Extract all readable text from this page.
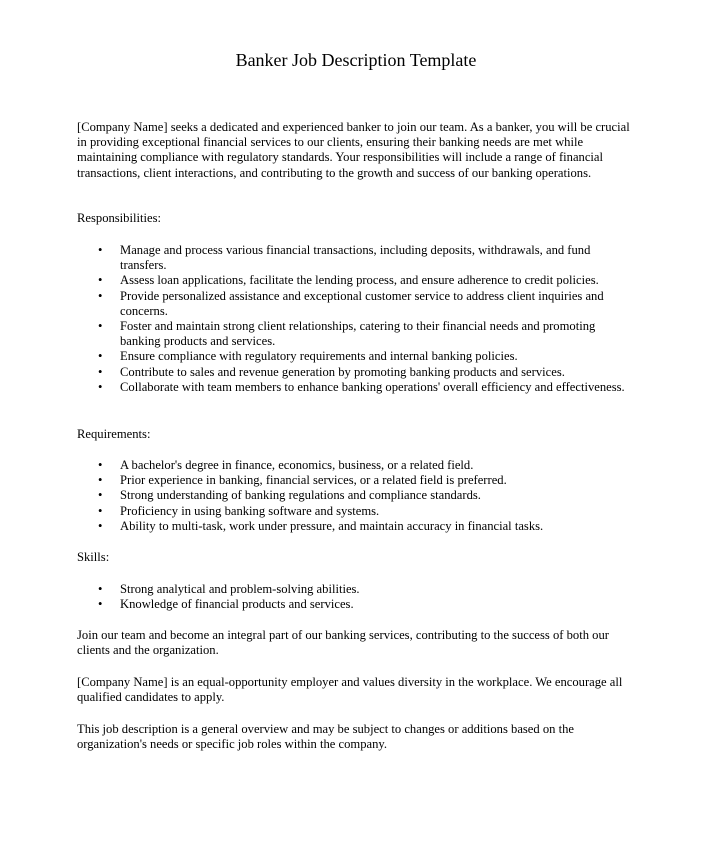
Banker Job Description Template

[Company Name] seeks a dedicated and experienced banker to join our team. As a banker, you will be crucial in providing exceptional financial services to our clients, ensuring their banking needs are met while maintaining compliance with regulatory standards. Your responsibilities will include a range of financial transactions, client interactions, and contributing to the growth and success of our banking operations.

Responsibilities:

•	Manage and process various financial transactions, including deposits, withdrawals, and fund transfers.
•	Assess loan applications, facilitate the lending process, and ensure adherence to credit policies.
•	Provide personalized assistance and exceptional customer service to address client inquiries and concerns.
•	Foster and maintain strong client relationships, catering to their financial needs and promoting banking products and services.
•	Ensure compliance with regulatory requirements and internal banking policies.
•	Contribute to sales and revenue generation by promoting banking products and services.
•	Collaborate with team members to enhance banking operations' overall efficiency and effectiveness.

Requirements:

•	A bachelor's degree in finance, economics, business, or a related field.
•	Prior experience in banking, financial services, or a related field is preferred.
•	Strong understanding of banking regulations and compliance standards.
•	Proficiency in using banking software and systems.
•	Ability to multi-task, work under pressure, and maintain accuracy in financial tasks.

Skills:

•	Strong analytical and problem-solving abilities.
•	Knowledge of financial products and services.

Join our team and become an integral part of our banking services, contributing to the success of both our clients and the organization.

[Company Name] is an equal-opportunity employer and values diversity in the workplace. We encourage all qualified candidates to apply.

This job description is a general overview and may be subject to changes or additions based on the organization's needs or specific job roles within the company.
